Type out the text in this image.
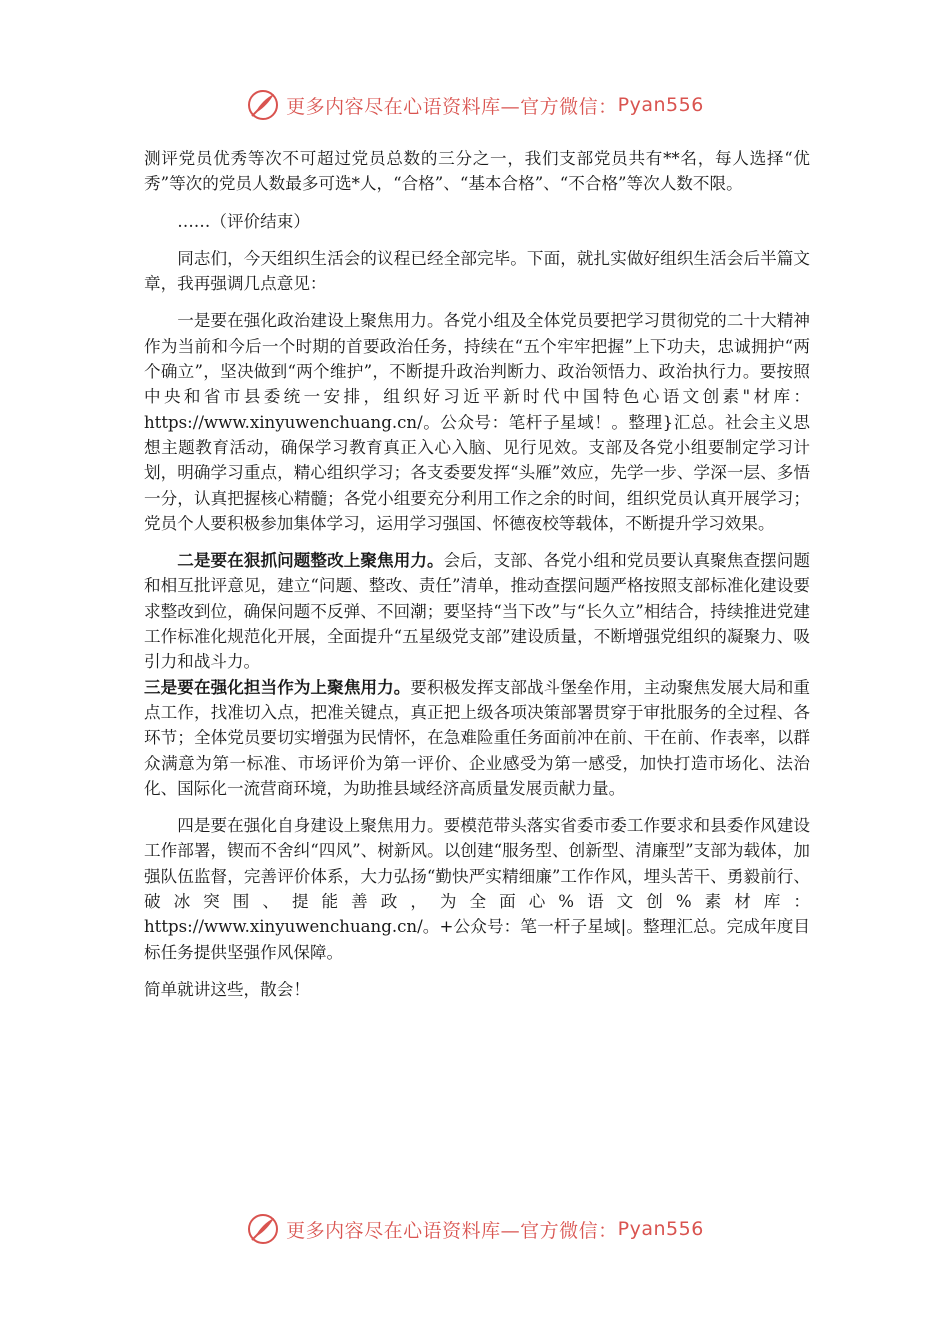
更多内容尽在心语资料库—官方微信： Pyan556

测评党员优秀等次不可超过党员总数的三分之一，我们支部党员共有**名，每人选择“优秀”等次的党员人数最多可选*人，“合格”、“基本合格”、“不合格”等次人数不限。

……（评价结束）

同志们，今天组织生活会的议程已经全部完毕。下面，就扎实做好组织生活会后半篇文章，我再强调几点意见：

一是要在强化政治建设上聚焦用力。各党小组及全体党员要把学习贯彻党的二十大精神作为当前和今后一个时期的首要政治任务，持续在“五个牢牢把握”上下功夫，忠诚拥护“两个确立”，坚决做到“两个维护”，不断提升政治判断力、政治领悟力、政治执行力。要按照中央和省市县委统一安排，组织好习近平新时代中国特色心语文创素"材库：https://www.xinyuwenchuang.cn/。公众号：笔杆子星域！。整理}汇总。社会主义思想主题教育活动，确保学习教育真正入心入脑、见行见效。支部及各党小组要制定学习计划，明确学习重点，精心组织学习；各支委要发挥“头雁”效应，先学一步、学深一层、多悟一分，认真把握核心精髓；各党小组要充分利用工作之余的时间，组织党员认真开展学习；党员个人要积极参加集体学习，运用学习强国、怀德夜校等载体，不断提升学习效果。

二是要在狠抓问题整改上聚焦用力。会后，支部、各党小组和党员要认真聚焦查摆问题和相互批评意见，建立“问题、整改、责任”清单，推动查摆问题严格按照支部标准化建设要求整改到位，确保问题不反弹、不回潮；要坚持“当下改”与“长久立”相结合，持续推进党建工作标准化规范化开展，全面提升“五星级党支部”建设质量，不断增强党组织的凝聚力、吸引力和战斗力。

三是要在强化担当作为上聚焦用力。要积极发挥支部战斗堡垒作用，主动聚焦发展大局和重点工作，找准切入点，把准关键点，真正把上级各项决策部署贯穿于审批服务的全过程、各环节；全体党员要切实增强为民情怀，在急难险重任务面前冲在前、干在前、作表率，以群众满意为第一标准、市场评价为第一评价、企业感受为第一感受，加快打造市场化、法治化、国际化一流营商环境，为助推县域经济高质量发展贡献力量。

四是要在强化自身建设上聚焦用力。要模范带头落实省委市委工作要求和县委作风建设工作部署，锲而不舍纠“四风”、树新风。以创建“服务型、创新型、清廉型”支部为载体，加强队伍监督，完善评价体系，大力弘扬“勤快严实精细廉”工作作风，埋头苦干、勇毅前行、破冰突围、提能善政，为全面心%语文创%素材库：https://www.xinyuwenchuang.cn/。+公众号：笔一杆子星域|。整理汇总。完成年度目标任务提供坚强作风保障。

简单就讲这些，散会！

更多内容尽在心语资料库—官方微信： Pyan556
